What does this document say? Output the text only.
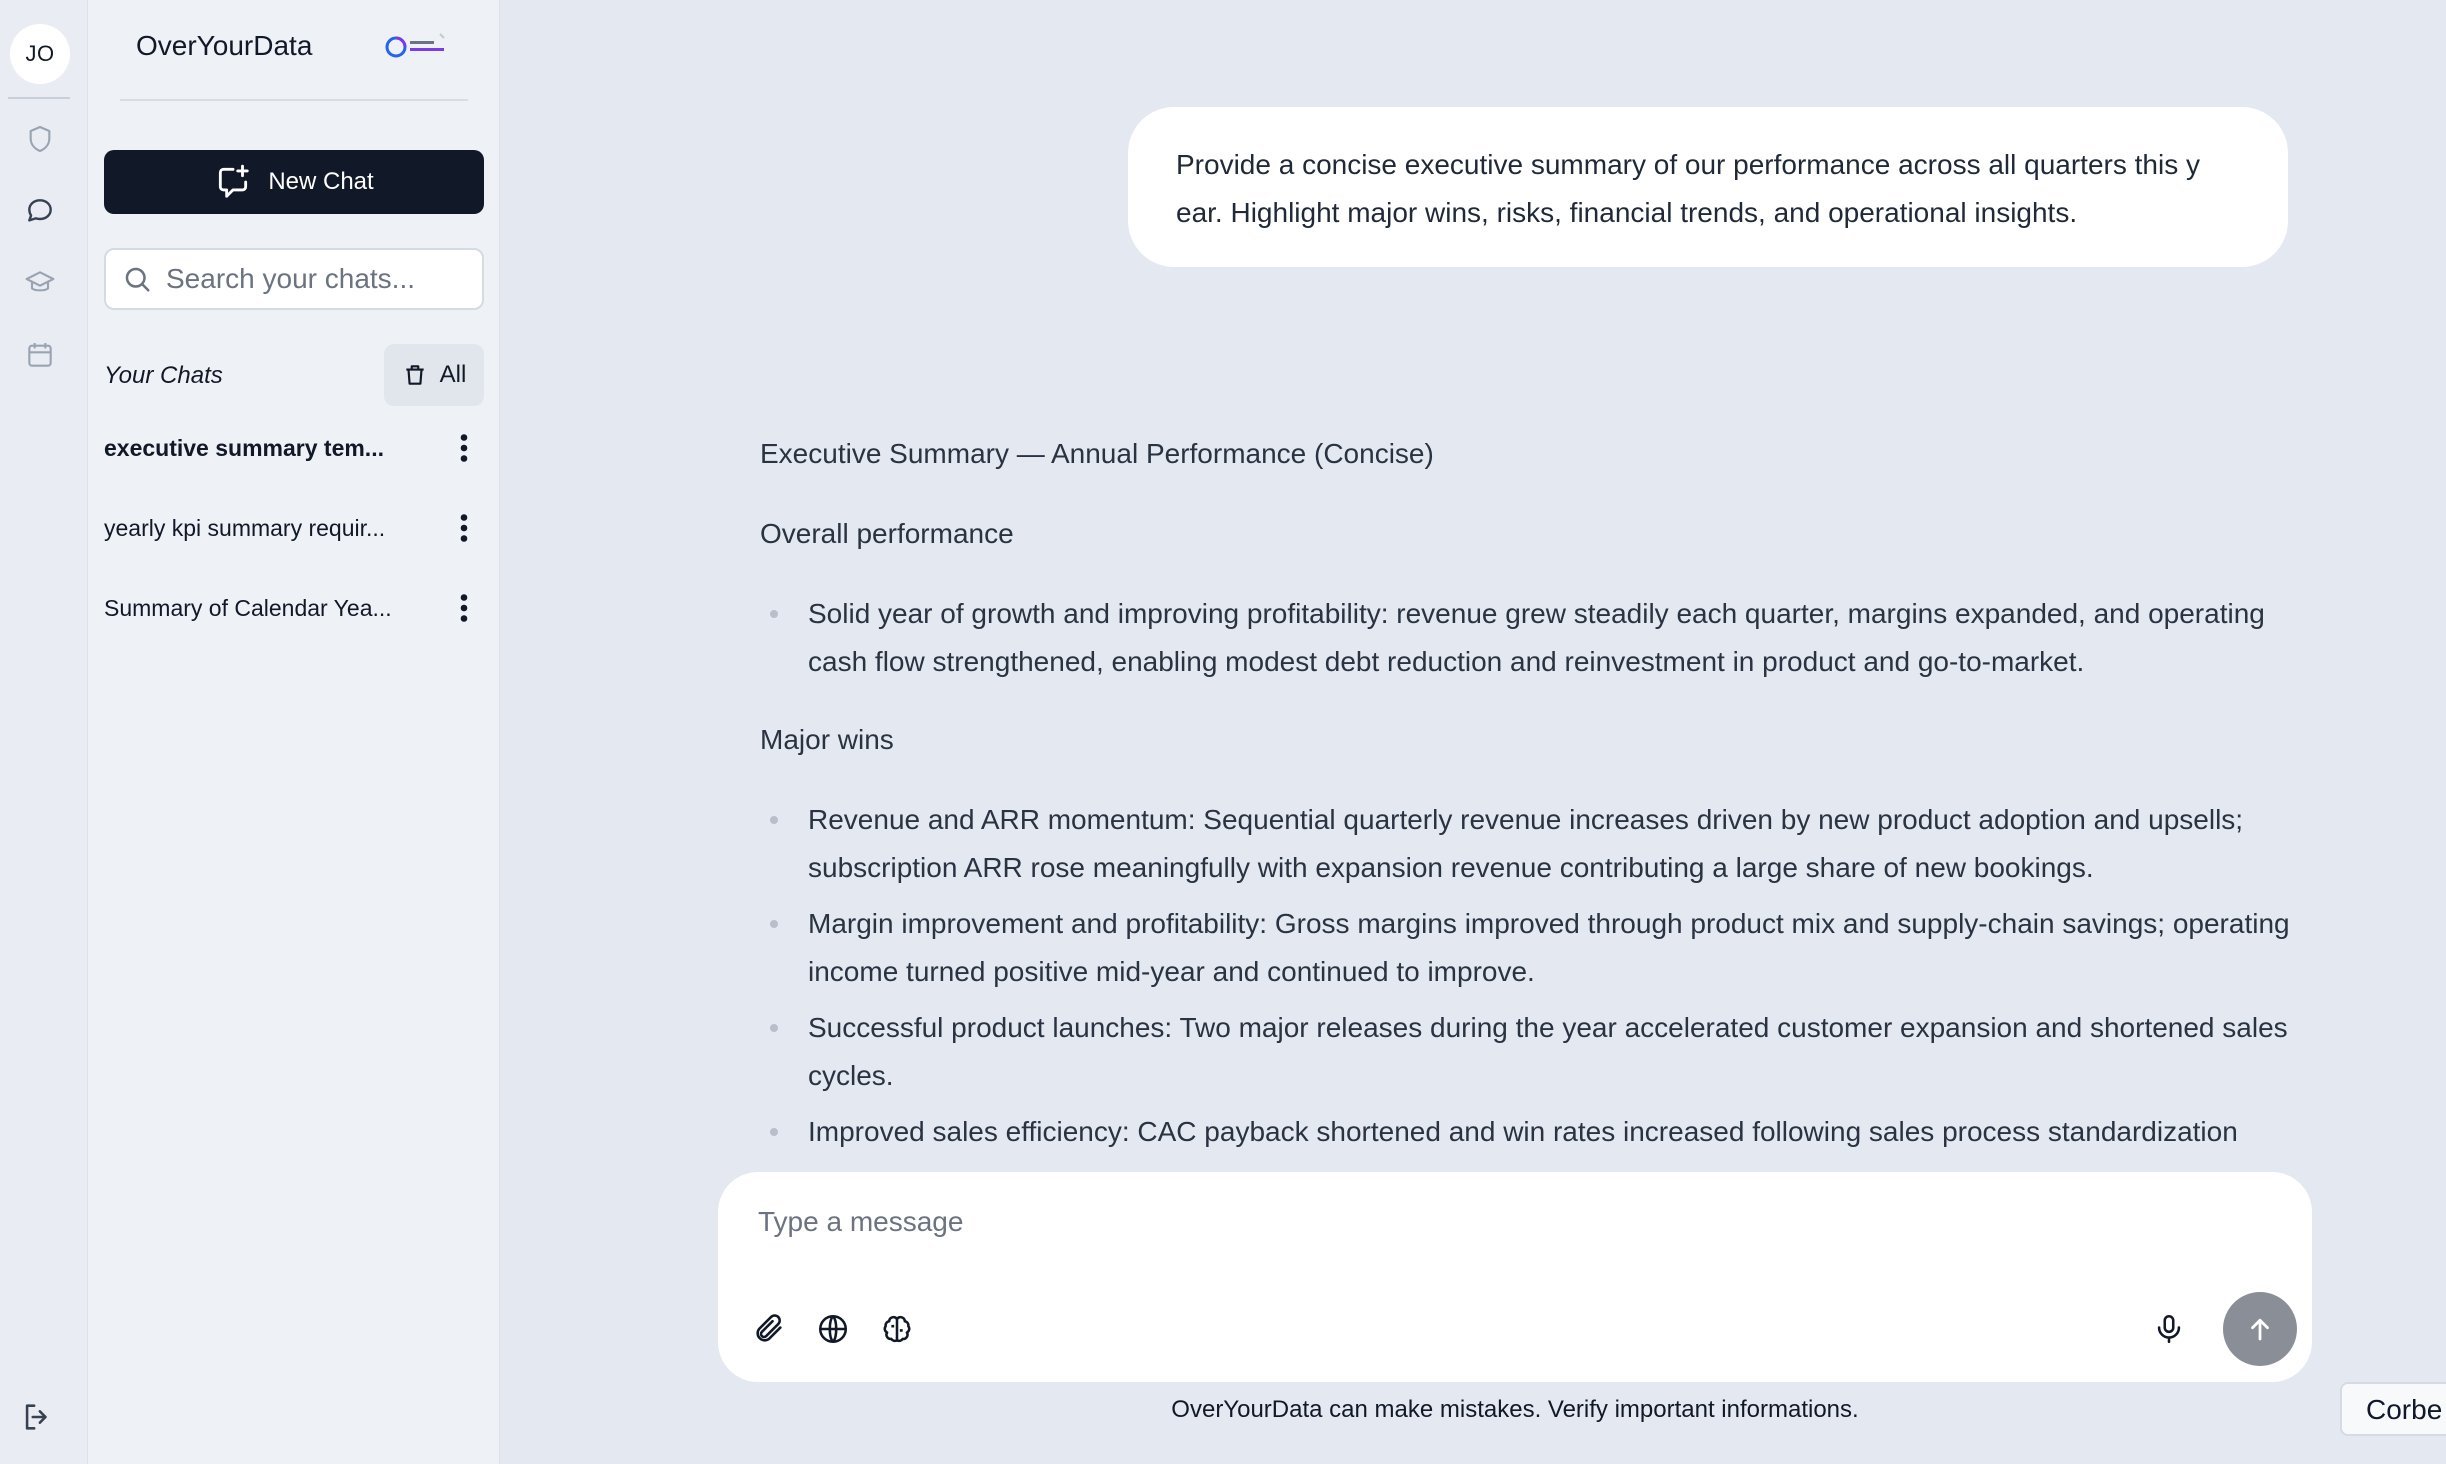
JO	OverYourData
New Chat
Search your chats...
Your Chats	All
executive summary tem...
yearly kpi summary requir...
Summary of Calendar Yea...
Provide a concise executive summary of our performance across all quarters this y ear. Highlight major wins, risks, financial trends, and operational insights.
Executive Summary — Annual Performance (Concise)
Overall performance
Solid year of growth and improving profitability: revenue grew steadily each quarter, margins expanded, and operating cash flow strengthened, enabling modest debt reduction and reinvestment in product and go-to-market.
Major wins
Revenue and ARR momentum: Sequential quarterly revenue increases driven by new product adoption and upsells; subscription ARR rose meaningfully with expansion revenue contributing a large share of new bookings.
Margin improvement and profitability: Gross margins improved through product mix and supply-chain savings; operating income turned positive mid-year and continued to improve.
Successful product launches: Two major releases during the year accelerated customer expansion and shortened sales cycles.
Improved sales efficiency: CAC payback shortened and win rates increased following sales process standardization
Type a message
OverYourData can make mistakes. Verify important informations.	Corbe
